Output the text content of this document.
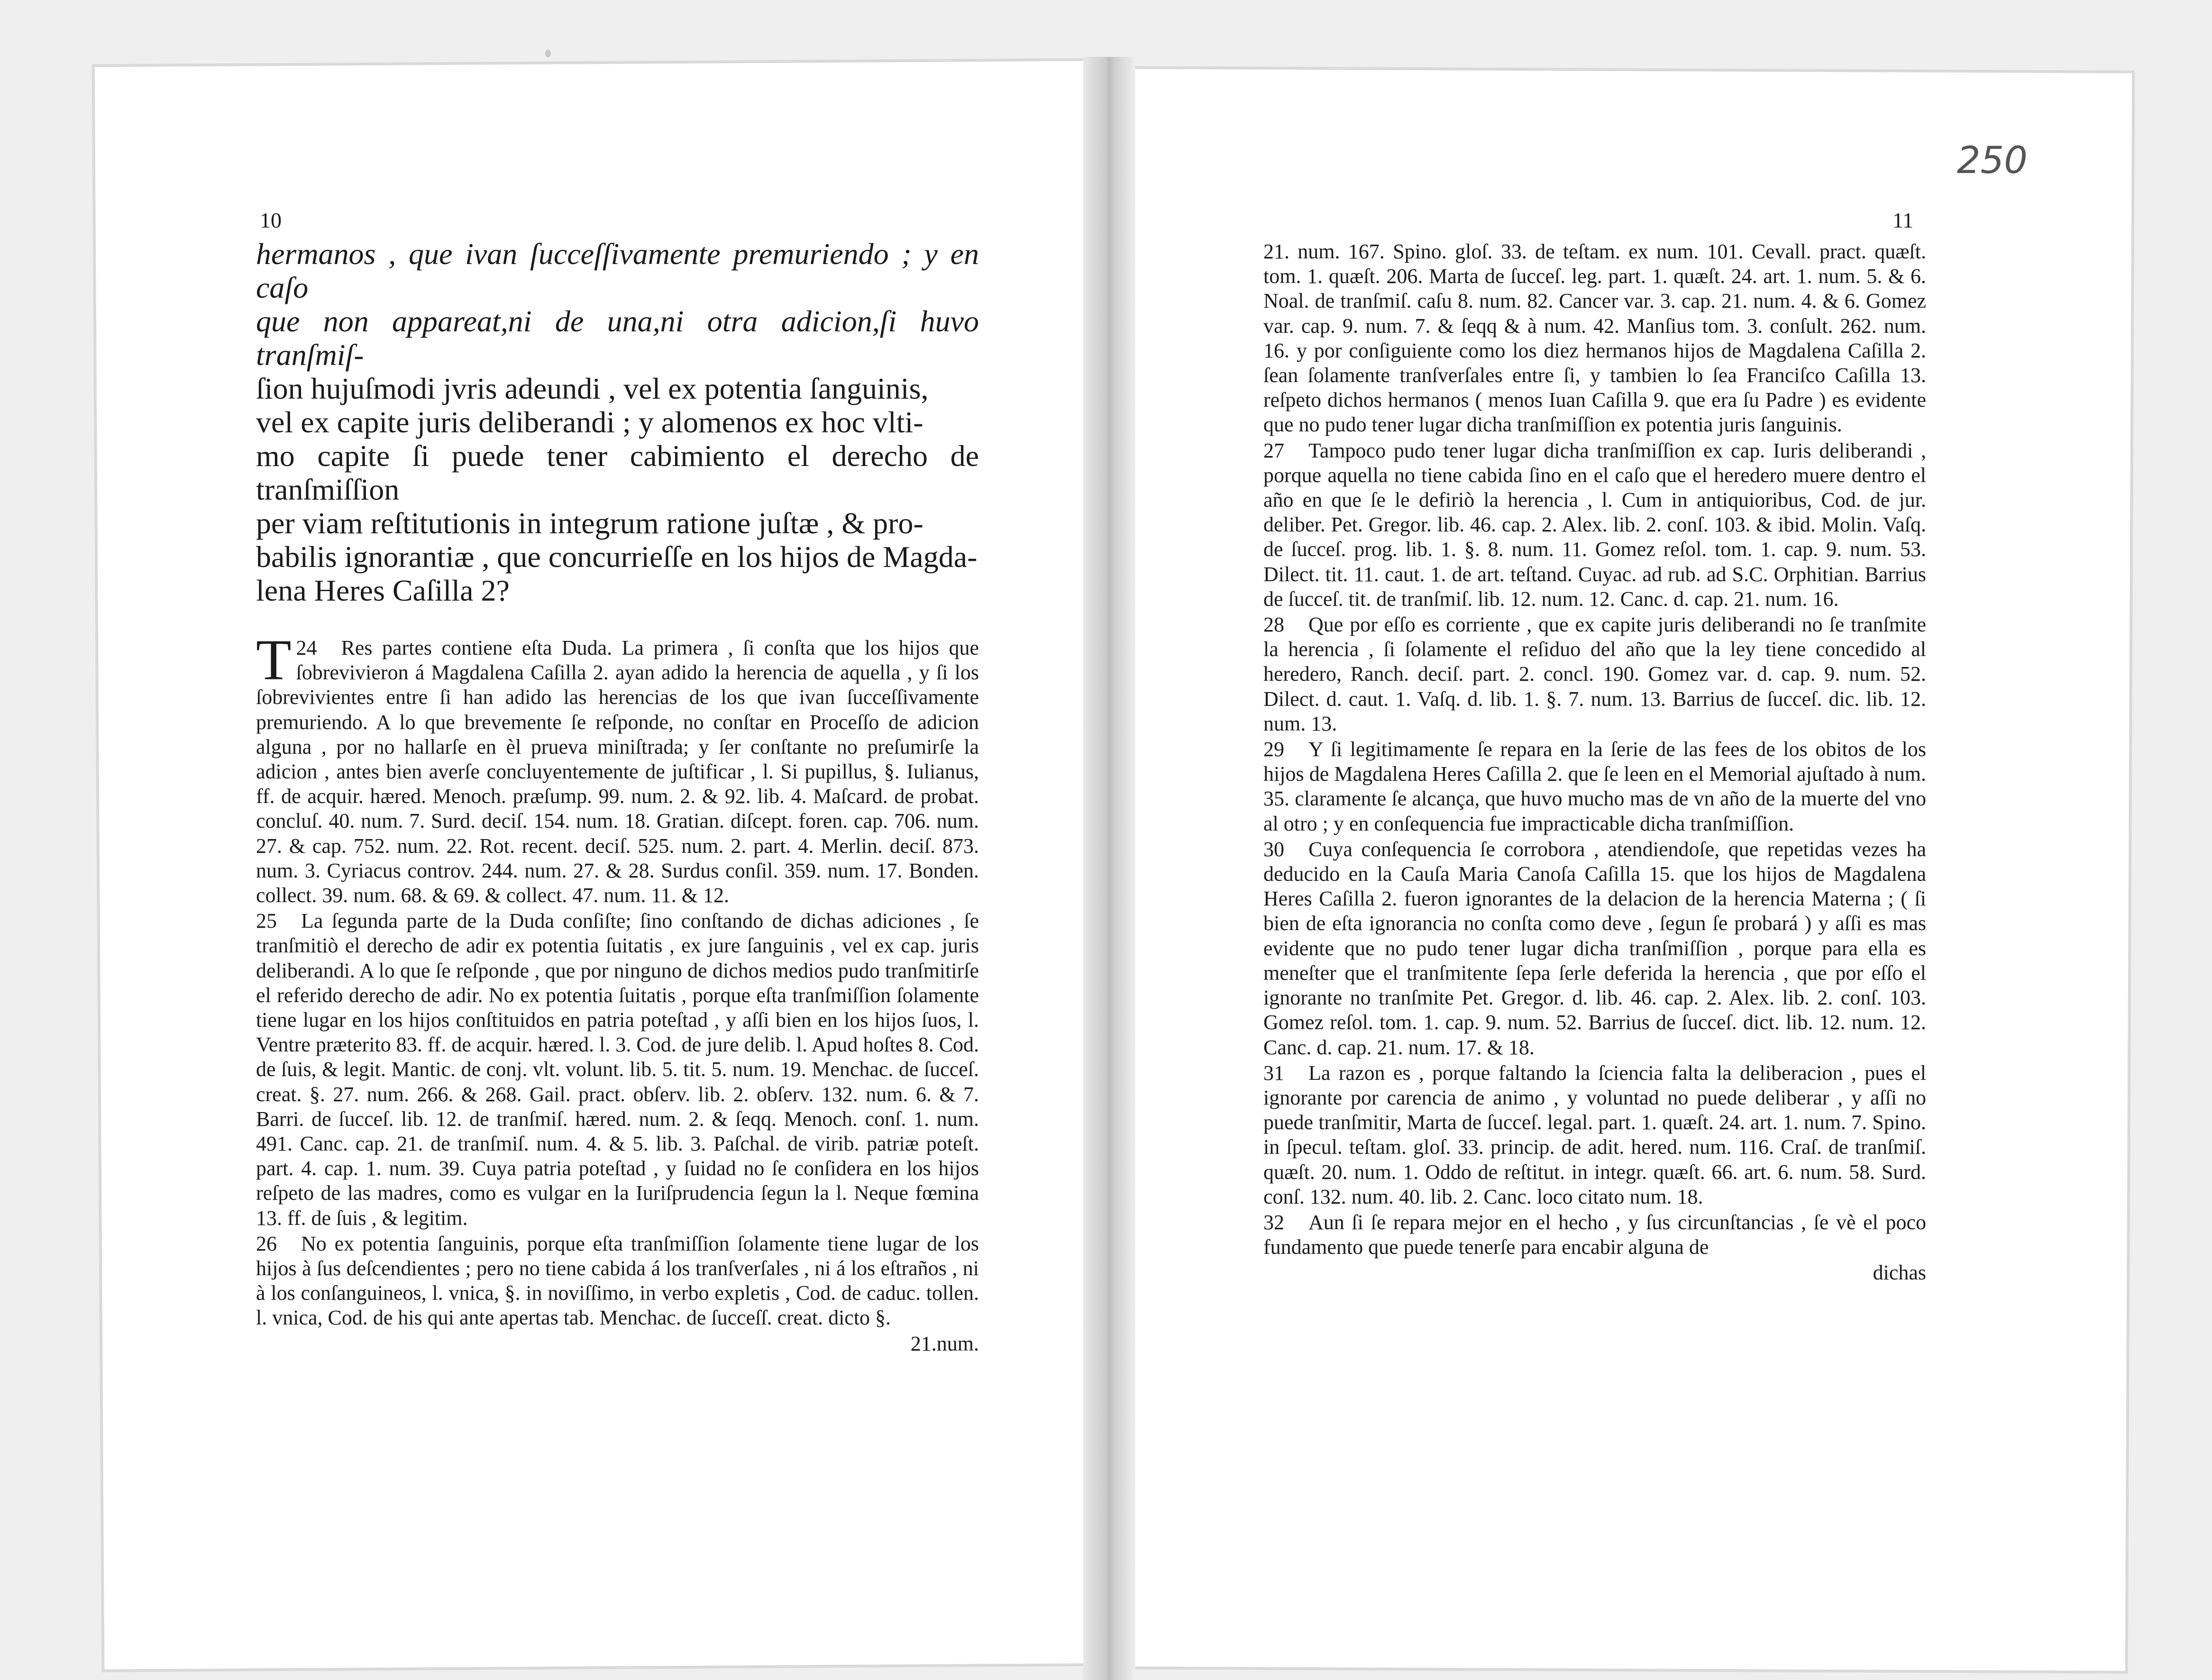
10	11
250

hermanos , que ivan ſucceſſivamente premuriendo ; y en caſo

que non appareat,ni de una,ni otra adicion,ſi huvo tranſmiſ-

ſion hujuſmodi jvris adeundi , vel ex potentia ſanguinis,

vel ex capite juris deliberandi ; y alomenos ex hoc vlti-

mo capite ſi puede tener cabimiento el derecho de tranſmiſſion

per viam reſtitutionis in integrum ratione juſtæ , & pro-

babilis ignorantiæ , que concurrieſſe en los hijos de Magda-

lena Heres Caſilla 2?

24
T Res partes contiene eſta Duda. La primera , ſi conſta que los hijos que ſobrevivieron á Magdalena Caſilla 2. ayan adido la herencia de aquella , y ſi los ſobrevivientes entre ſi han adido las herencias de los que ivan ſucceſſivamente premuriendo. A lo que brevemente ſe reſponde, no conſtar en Proceſſo de adicion alguna , por no hallarſe en èl prueva miniſtrada; y ſer conſtante no preſumirſe la adicion , antes bien averſe concluyentemente de juſtificar , l. Si pupillus, §. Iulianus, ff. de acquir. hæred. Menoch. præſump. 99. num. 2. & 92. lib. 4. Maſcard. de probat. concluſ. 40. num. 7. Surd. deciſ. 154. num. 18. Gratian. diſcept. foren. cap. 706. num. 27. & cap. 752. num. 22. Rot. recent. deciſ. 525. num. 2. part. 4. Merlin. deciſ. 873. num. 3. Cyriacus controv. 244. num. 27. & 28. Surdus conſil. 359. num. 17. Bonden. collect. 39. num. 68. & 69. & collect. 47. num. 11. & 12.

25 La ſegunda parte de la Duda conſiſte; ſino conſtando de dichas adiciones , ſe tranſmitiò el derecho de adir ex potentia ſuitatis , ex jure ſanguinis , vel ex cap. juris deliberandi. A lo que ſe reſponde , que por ninguno de dichos medios pudo tranſmitirſe el referido derecho de adir. No ex potentia ſuitatis , porque eſta tranſmiſſion ſolamente tiene lugar en los hijos conſtituidos en patria poteſtad , y aſſi bien en los hijos ſuos, l. Ventre præterito 83. ff. de acquir. hæred. l. 3. Cod. de jure delib. l. Apud hoſtes 8. Cod. de ſuis, & legit. Mantic. de conj. vlt. volunt. lib. 5. tit. 5. num. 19. Menchac. de ſucceſ. creat. §. 27. num. 266. & 268. Gail. pract. obſerv. lib. 2. obſerv. 132. num. 6. & 7. Barri. de ſucceſ. lib. 12. de tranſmiſ. hæred. num. 2. & ſeqq. Menoch. conſ. 1. num. 491. Canc. cap. 21. de tranſmiſ. num. 4. & 5. lib. 3. Paſchal. de virib. patriæ poteſt. part. 4. cap. 1. num. 39. Cuya patria poteſtad , y ſuidad no ſe conſidera en los hijos reſpeto de las madres, como es vulgar en la Iuriſprudencia ſegun la l. Neque fœmina 13. ff. de ſuis , & legitim.

26 No ex potentia ſanguinis, porque eſta tranſmiſſion ſolamente tiene lugar de los hijos à ſus deſcendientes ; pero no tiene cabida á los tranſverſales , ni á los eſtraños , ni à los conſanguineos, l. vnica, §. in noviſſimo, in verbo expletis , Cod. de caduc. tollen. l. vnica, Cod. de his qui ante apertas tab. Menchac. de ſucceſſ. creat. dicto §.

21.num.

21. num. 167. Spino. gloſ. 33. de teſtam. ex num. 101. Cevall. pract. quæſt. tom. 1. quæſt. 206. Marta de ſucceſ. leg. part. 1. quæſt. 24. art. 1. num. 5. & 6. Noal. de tranſmiſ. caſu 8. num. 82. Cancer var. 3. cap. 21. num. 4. & 6. Gomez var. cap. 9. num. 7. & ſeqq & à num. 42. Manſius tom. 3. conſult. 262. num. 16. y por conſiguiente como los diez hermanos hijos de Magdalena Caſilla 2. ſean ſolamente tranſverſales entre ſi, y tambien lo ſea Franciſco Caſilla 13. reſpeto dichos hermanos ( menos Iuan Caſilla 9. que era ſu Padre ) es evidente que no pudo tener lugar dicha tranſmiſſion ex potentia juris ſanguinis.

27 Tampoco pudo tener lugar dicha tranſmiſſion ex cap. Iuris deliberandi , porque aquella no tiene cabida ſino en el caſo que el heredero muere dentro el año en que ſe le defiriò la herencia , l. Cum in antiquioribus, Cod. de jur. deliber. Pet. Gregor. lib. 46. cap. 2. Alex. lib. 2. conſ. 103. & ibid. Molin. Vaſq. de ſucceſ. prog. lib. 1. §. 8. num. 11. Gomez reſol. tom. 1. cap. 9. num. 53. Dilect. tit. 11. caut. 1. de art. teſtand. Cuyac. ad rub. ad S.C. Orphitian. Barrius de ſucceſ. tit. de tranſmiſ. lib. 12. num. 12. Canc. d. cap. 21. num. 16.

28 Que por eſſo es corriente , que ex capite juris deliberandi no ſe tranſmite la herencia , ſi ſolamente el reſiduo del año que la ley tiene concedido al heredero, Ranch. deciſ. part. 2. concl. 190. Gomez var. d. cap. 9. num. 52. Dilect. d. caut. 1. Vaſq. d. lib. 1. §. 7. num. 13. Barrius de ſucceſ. dic. lib. 12. num. 13.

29 Y ſi legitimamente ſe repara en la ſerie de las fees de los obitos de los hijos de Magdalena Heres Caſilla 2. que ſe leen en el Memorial ajuſtado à num. 35. claramente ſe alcança, que huvo mucho mas de vn año de la muerte del vno al otro ; y en conſequencia fue impracticable dicha tranſmiſſion.

30 Cuya conſequencia ſe corrobora , atendiendoſe, que repetidas vezes ha deducido en la Cauſa Maria Canoſa Caſilla 15. que los hijos de Magdalena Heres Caſilla 2. fueron ignorantes de la delacion de la herencia Materna ; ( ſi bien de eſta ignorancia no conſta como deve , ſegun ſe probará ) y aſſi es mas evidente que no pudo tener lugar dicha tranſmiſſion , porque para ella es meneſter que el tranſmitente ſepa ſerle deferida la herencia , que por eſſo el ignorante no tranſmite Pet. Gregor. d. lib. 46. cap. 2. Alex. lib. 2. conſ. 103. Gomez reſol. tom. 1. cap. 9. num. 52. Barrius de ſucceſ. dict. lib. 12. num. 12. Canc. d. cap. 21. num. 17. & 18.

31 La razon es , porque faltando la ſciencia falta la deliberacion , pues el ignorante por carencia de animo , y voluntad no puede deliberar , y aſſi no puede tranſmitir, Marta de ſucceſ. legal. part. 1. quæſt. 24. art. 1. num. 7. Spino. in ſpecul. teſtam. gloſ. 33. princip. de adit. hered. num. 116. Craſ. de tranſmiſ. quæſt. 20. num. 1. Oddo de reſtitut. in integr. quæſt. 66. art. 6. num. 58. Surd. conſ. 132. num. 40. lib. 2. Canc. loco citato num. 18.

32 Aun ſi ſe repara mejor en el hecho , y ſus circunſtancias , ſe vè el poco fundamento que puede tenerſe para encabir alguna de

dichas
